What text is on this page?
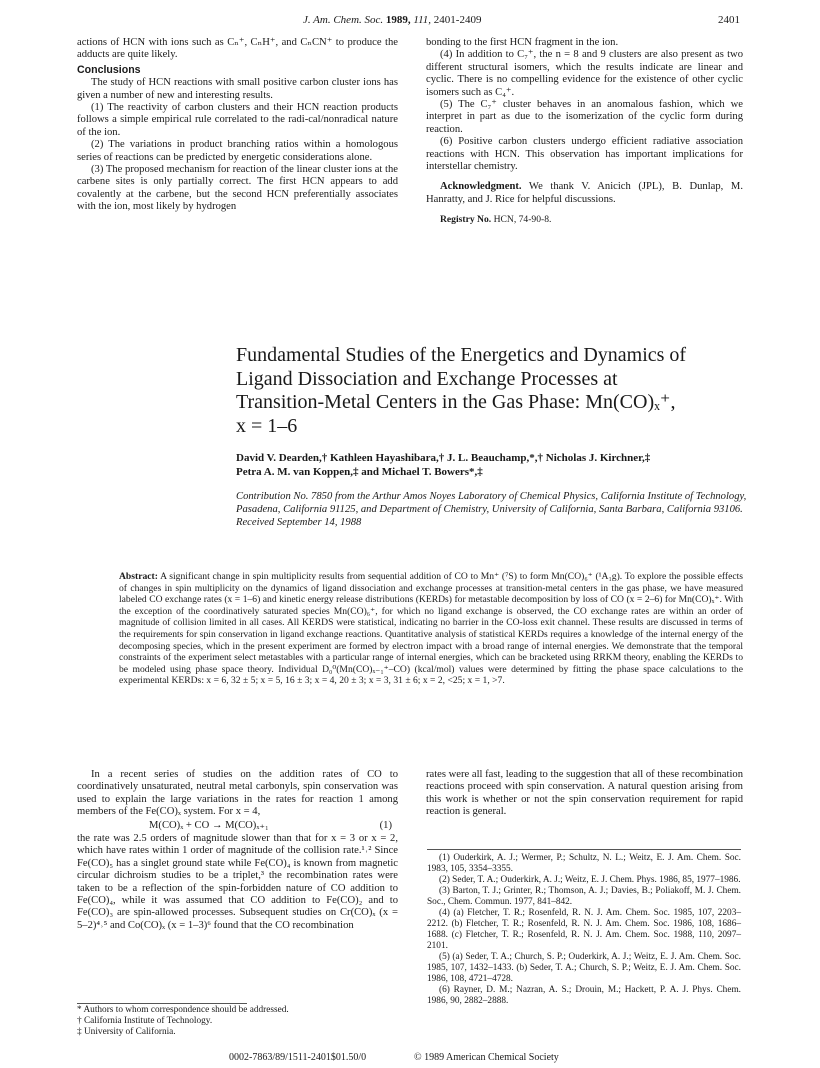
J. Am. Chem. Soc. 1989, 111, 2401-2409	2401

actions of HCN with ions such as Cₙ⁺, CₙH⁺, and CₙCN⁺ to produce the adducts are quite likely.

Conclusions

The study of HCN reactions with small positive carbon cluster ions has given a number of new and interesting results.

(1) The reactivity of carbon clusters and their HCN reaction products follows a simple empirical rule correlated to the radi-cal/nonradical nature of the ion.

(2) The variations in product branching ratios within a homologous series of reactions can be predicted by energetic considerations alone.

(3) The proposed mechanism for reaction of the linear cluster ions at the carbene sites is only partially correct. The first HCN appears to add covalently at the carbene, but the second HCN preferentially associates with the ion, most likely by hydrogen

bonding to the first HCN fragment in the ion.

(4) In addition to C₇⁺, the n = 8 and 9 clusters are also present as two different structural isomers, which the results indicate are linear and cyclic. There is no compelling evidence for the existence of other cyclic isomers such as C₄⁺.

(5) The C₇⁺ cluster behaves in an anomalous fashion, which we interpret in part as due to the isomerization of the cyclic form during reaction.

(6) Positive carbon clusters undergo efficient radiative association reactions with HCN. This observation has important implications for interstellar chemistry.

Acknowledgment. We thank V. Anicich (JPL), B. Dunlap, M. Hanratty, and J. Rice for helpful discussions.

Registry No. HCN, 74-90-8.

Fundamental Studies of the Energetics and Dynamics of
Ligand Dissociation and Exchange Processes at
Transition-Metal Centers in the Gas Phase: Mn(CO)ₓ⁺,
x = 1–6
David V. Dearden,† Kathleen Hayashibara,† J. L. Beauchamp,*,† Nicholas J. Kirchner,‡
Petra A. M. van Koppen,‡ and Michael T. Bowers*,‡
Contribution No. 7850 from the Arthur Amos Noyes Laboratory of Chemical Physics, California Institute of Technology, Pasadena, California 91125, and Department of Chemistry, University of California, Santa Barbara, California 93106. Received September 14, 1988
Abstract: A significant change in spin multiplicity results from sequential addition of CO to Mn⁺ (⁷S) to form Mn(CO)₆⁺ (¹A₁g). To explore the possible effects of changes in spin multiplicity on the dynamics of ligand dissociation and exchange processes at transition-metal centers in the gas phase, we have measured labeled CO exchange rates (x = 1–6) and kinetic energy release distributions (KERDs) for metastable decomposition by loss of CO (x = 2–6) for Mn(CO)ₓ⁺. With the exception of the coordinatively saturated species Mn(CO)₆⁺, for which no ligand exchange is observed, the CO exchange rates are within an order of magnitude of collision limited in all cases. All KERDS were statistical, indicating no barrier in the CO-loss exit channel. These results are discussed in terms of the requirements for spin conservation in ligand exchange reactions. Quantitative analysis of statistical KERDs requires a knowledge of the internal energy of the decomposing species, which in the present experiment are formed by electron impact with a broad range of internal energies. We demonstrate that the temporal constraints of the experiment select metastables with a particular range of internal energies, which can be bracketed using RRKM theory, enabling the KERDs to be modeled using phase space theory. Individual D₀⁰(Mn(CO)ₓ₋₁⁺–CO) (kcal/mol) values were determined by fitting the phase space calculations to the experimental KERDs: x = 6, 32 ± 5; x = 5, 16 ± 3; x = 4, 20 ± 3; x = 3, 31 ± 6; x = 2, <25; x = 1, >7.

In a recent series of studies on the addition rates of CO to coordinatively unsaturated, neutral metal carbonyls, spin conservation was used to explain the large variations in the rates for reaction 1 among members of the Fe(CO)ₓ system. For x = 4,

M(CO)ₓ + CO → M(CO)ₓ₊₁	(1)

the rate was 2.5 orders of magnitude slower than that for x = 3 or x = 2, which have rates within 1 order of magnitude of the collision rate.¹˒² Since Fe(CO)₅ has a singlet ground state while Fe(CO)₄ is known from magnetic circular dichroism studies to be a triplet,³ the recombination rates were taken to be a reflection of the spin-forbidden nature of CO addition to Fe(CO)₄, while it was assumed that CO addition to Fe(CO)₂ and to Fe(CO)₃ are spin-allowed processes. Subsequent studies on Cr(CO)ₓ (x = 5–2)⁴˒⁵ and Co(CO)ₓ (x = 1–3)⁶ found that the CO recombination

rates were all fast, leading to the suggestion that all of these recombination reactions proceed with spin conservation. A natural question arising from this work is whether or not the spin conservation requirement for rapid reaction is general.

* Authors to whom correspondence should be addressed.
† California Institute of Technology.
‡ University of California.

(1) Ouderkirk, A. J.; Wermer, P.; Schultz, N. L.; Weitz, E. J. Am. Chem. Soc. 1983, 105, 3354–3355.

(2) Seder, T. A.; Ouderkirk, A. J.; Weitz, E. J. Chem. Phys. 1986, 85, 1977–1986.

(3) Barton, T. J.; Grinter, R.; Thomson, A. J.; Davies, B.; Poliakoff, M. J. Chem. Soc., Chem. Commun. 1977, 841–842.

(4) (a) Fletcher, T. R.; Rosenfeld, R. N. J. Am. Chem. Soc. 1985, 107, 2203–2212. (b) Fletcher, T. R.; Rosenfeld, R. N. J. Am. Chem. Soc. 1986, 108, 1686–1688. (c) Fletcher, T. R.; Rosenfeld, R. N. J. Am. Chem. Soc. 1988, 110, 2097–2101.

(5) (a) Seder, T. A.; Church, S. P.; Ouderkirk, A. J.; Weitz, E. J. Am. Chem. Soc. 1985, 107, 1432–1433. (b) Seder, T. A.; Church, S. P.; Weitz, E. J. Am. Chem. Soc. 1986, 108, 4721–4728.

(6) Rayner, D. M.; Nazran, A. S.; Drouin, M.; Hackett, P. A. J. Phys. Chem. 1986, 90, 2882–2888.

0002-7863/89/1511-2401$01.50/0	© 1989 American Chemical Society
